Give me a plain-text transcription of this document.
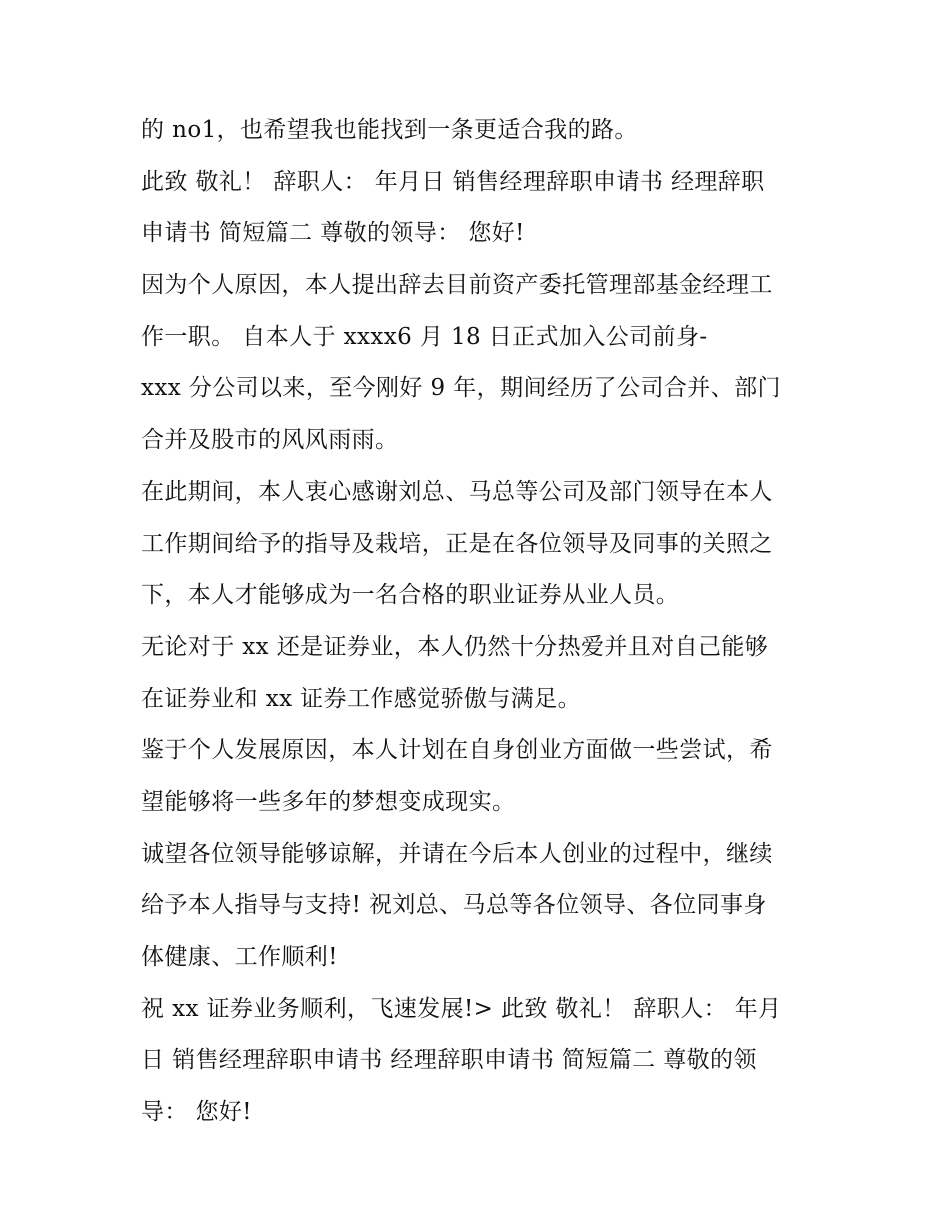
的 no1，也希望我也能找到一条更适合我的路。

此致 敬礼！ 辞职人： 年月日 销售经理辞职申请书 经理辞职
申请书 简短篇二 尊敬的领导： 您好!

因为个人原因，本人提出辞去目前资产委托管理部基金经理工
作一职。 自本人于 xxxx6 月 18 日正式加入公司前身-

xxx 分公司以来，至今刚好 9 年，期间经历了公司合并、部门
合并及股市的风风雨雨。

在此期间，本人衷心感谢刘总、马总等公司及部门领导在本人
工作期间给予的指导及栽培，正是在各位领导及同事的关照之
下，本人才能够成为一名合格的职业证券从业人员。

无论对于 xx 还是证券业，本人仍然十分热爱并且对自己能够
在证券业和 xx 证券工作感觉骄傲与满足。

鉴于个人发展原因，本人计划在自身创业方面做一些尝试，希
望能够将一些多年的梦想变成现实。

诚望各位领导能够谅解，并请在今后本人创业的过程中，继续
给予本人指导与支持! 祝刘总、马总等各位领导、各位同事身
体健康、工作顺利!

祝 xx 证券业务顺利，飞速发展!> 此致 敬礼！ 辞职人： 年月
日 销售经理辞职申请书 经理辞职申请书 简短篇二 尊敬的领
导： 您好!
